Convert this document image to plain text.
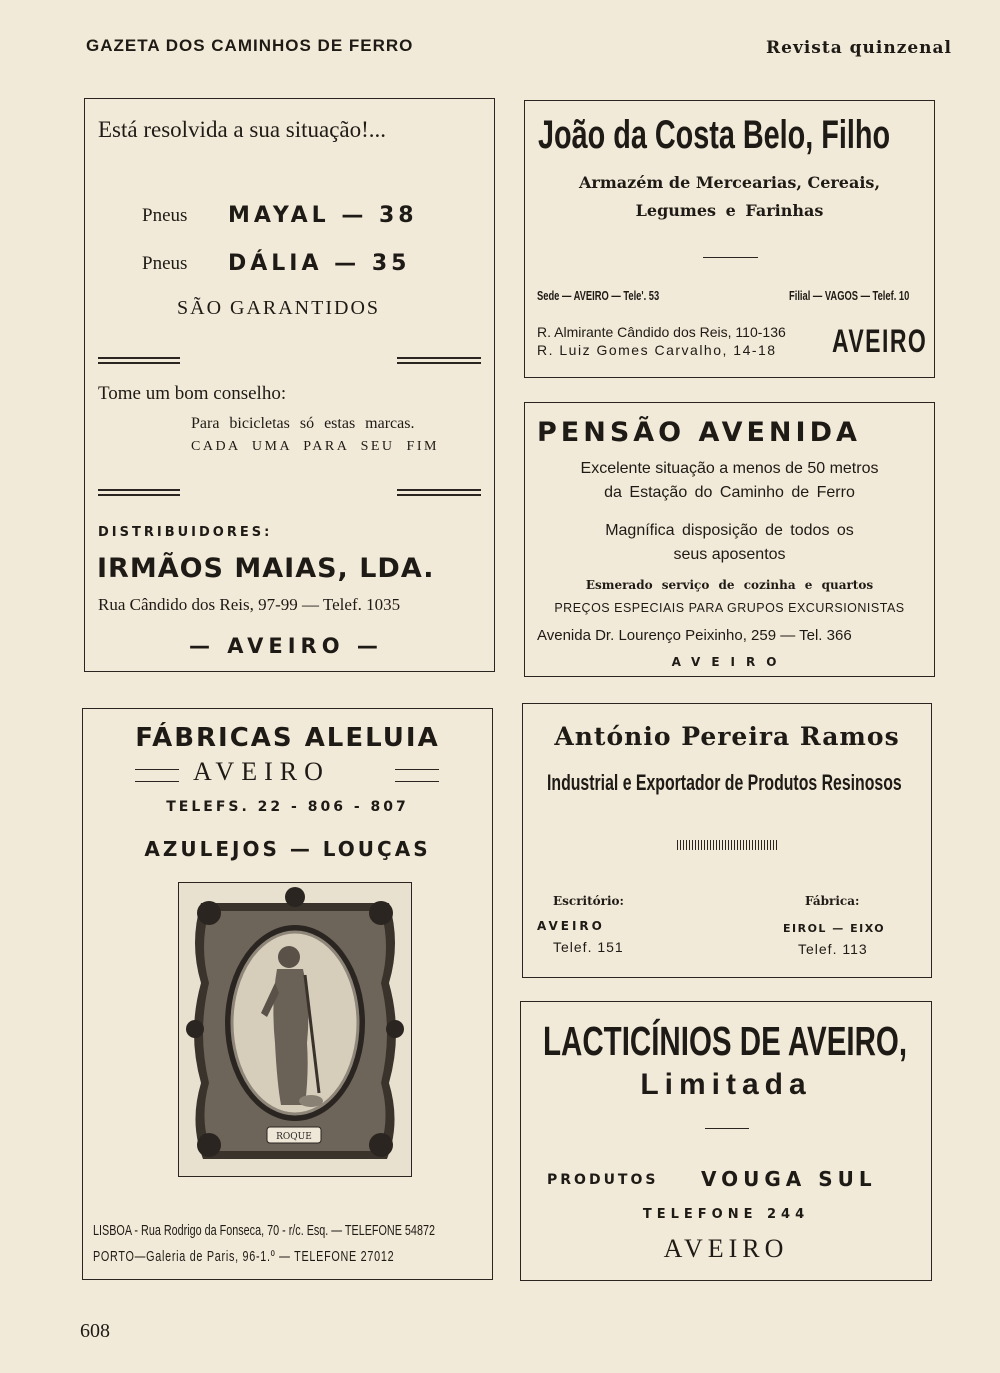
GAZETA DOS CAMINHOS DE FERRO	Revista quinzenal
Está resolvida a sua situação!...
Pneus MAYAL — 38
Pneus DÁLIA — 35
SÃO GARANTIDOS
Tome um bom conselho:
Para bicicletas só estas marcas.
CADA UMA PARA SEU FIM
DISTRIBUIDORES:
IRMÃOS MAIAS, LDA.
Rua Cândido dos Reis, 97-99 — Telef. 1035
— AVEIRO —
João da Costa Belo, Filho
Armazém de Mercearias, Cereais,
Legumes e Farinhas
Sede — AVEIRO — Tele'. 53	Filial — VAGOS — Telef. 10
R. Almirante Cândido dos Reis, 110-136
R. Luiz Gomes Carvalho, 14-18 AVEIRO
PENSÃO AVENIDA
Excelente situação a menos de 50 metros
da Estação do Caminho de Ferro
Magnífica disposição de todos os
seus aposentos
Esmerado serviço de cozinha e quartos
PREÇOS ESPECIAIS PARA GRUPOS EXCURSIONISTAS
Avenida Dr. Lourenço Peixinho, 259 — Tel. 366
AVEIRO
FÁBRICAS ALELUIA
AVEIRO
TELEFS. 22 - 806 - 807
AZULEJOS — LOUÇAS
ROQUE
LISBOA - Rua Rodrigo da Fonseca, 70 - r/c. Esq. — TELEFONE 54872
PORTO—Galeria de Paris, 96-1.º — TELEFONE 27012
António Pereira Ramos
Industrial e Exportador de Produtos Resinosos
Escritório:
AVEIRO
Telef. 151
Fábrica:
EIROL — EIXO
Telef. 113
LACTICÍNIOS DE AVEIRO,
Limitada
PRODUTOS VOUGA SUL
TELEFONE 244
AVEIRO
608
